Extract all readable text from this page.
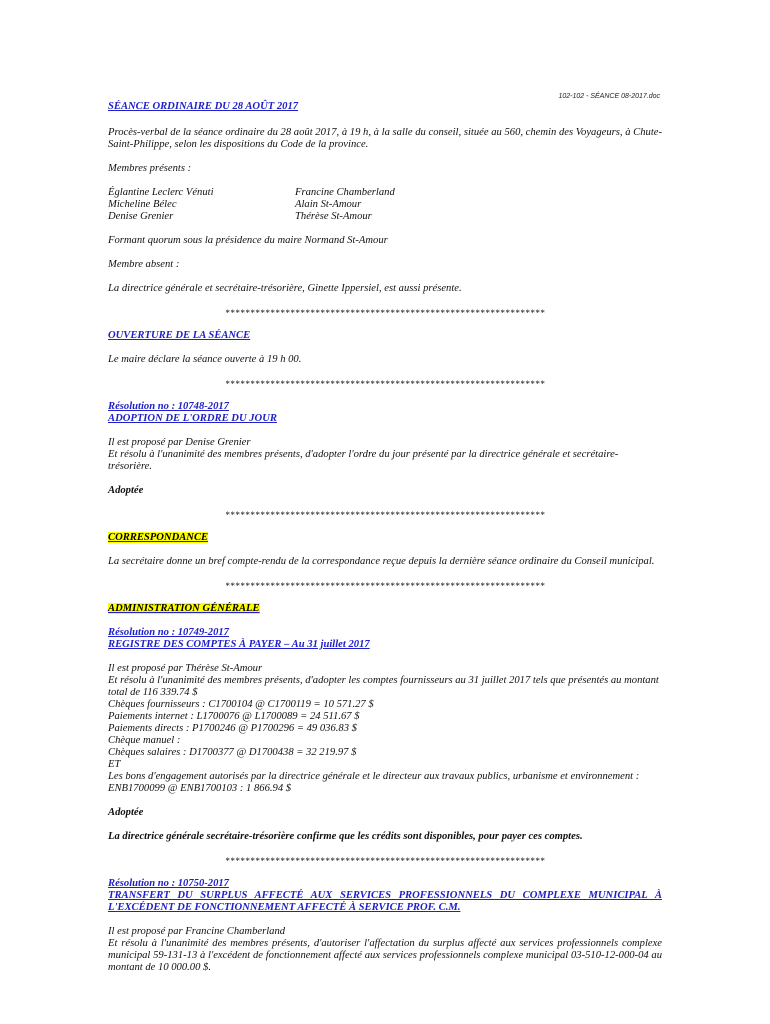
102-102 - SÉANCE 08-2017.doc

SÉANCE ORDINAIRE DU 28 AOÛT 2017

Procès-verbal de la séance ordinaire du 28 août 2017, à 19 h, à la salle du conseil, située au 560, chemin des Voyageurs, à Chute-Saint-Philippe, selon les dispositions du Code de la province.

Membres présents :

Églantine Leclerc Vénuti

Micheline Bélec

Denise Grenier

Francine Chamberland

Alain St-Amour

Thérèse St-Amour

Formant quorum sous la présidence du maire Normand St-Amour

Membre absent :

La directrice générale et secrétaire-trésorière, Ginette Ippersiel, est aussi présente.

****************************************************************

OUVERTURE DE LA SÉANCE

Le maire déclare la séance ouverte à 19 h 00.

****************************************************************

Résolution no : 10748-2017

ADOPTION DE L'ORDRE DU JOUR

Il est proposé par Denise Grenier

Et résolu à l'unanimité des membres présents, d'adopter l'ordre du jour présenté par la directrice générale et secrétaire-trésorière.

Adoptée

****************************************************************

CORRESPONDANCE

La secrétaire donne un bref compte-rendu de la correspondance reçue depuis la dernière séance ordinaire du Conseil municipal.

****************************************************************

ADMINISTRATION GÉNÉRALE

Résolution no : 10749-2017

REGISTRE DES COMPTES À PAYER – Au 31 juillet 2017

Il est proposé par Thérèse St-Amour

Et résolu à l'unanimité des membres présents, d'adopter les comptes fournisseurs au 31 juillet 2017 tels que présentés au montant total de 116 339.74 $

Chèques fournisseurs : C1700104 @ C1700119 = 10 571.27 $

Paiements internet : L1700076 @ L1700089 = 24 511.67 $

Paiements directs : P1700246 @ P1700296 = 49 036.83 $

Chèque manuel :

Chèques salaires : D1700377 @ D1700438 = 32 219.97 $

ET

Les bons d'engagement autorisés par la directrice générale et le directeur aux travaux publics, urbanisme et environnement : ENB1700099 @ ENB1700103 : 1 866.94 $

Adoptée

La directrice générale secrétaire-trésorière confirme que les crédits sont disponibles, pour payer ces comptes.

****************************************************************

Résolution no : 10750-2017

TRANSFERT DU SURPLUS AFFECTÉ AUX SERVICES PROFESSIONNELS DU COMPLEXE MUNICIPAL À L'EXCÉDENT DE FONCTIONNEMENT AFFECTÉ À SERVICE PROF. C.M.

Il est proposé par Francine Chamberland

Et résolu à l'unanimité des membres présents, d'autoriser l'affectation du surplus affecté aux services professionnels complexe municipal 59-131-13 à l'excédent de fonctionnement affecté aux services professionnels complexe municipal 03-510-12-000-04 au montant de 10 000.00 $.
